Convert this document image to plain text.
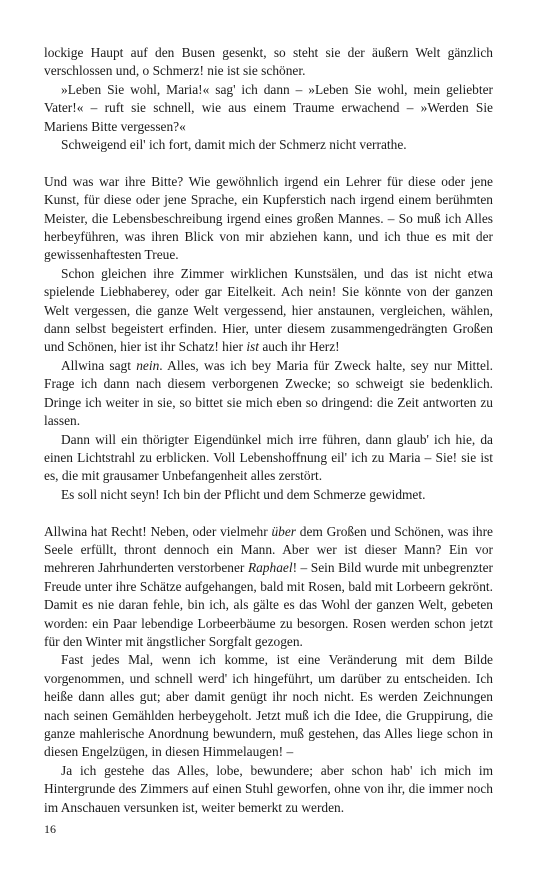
lockige Haupt auf den Busen gesenkt, so steht sie der äußern Welt gänzlich verschlossen und, o Schmerz! nie ist sie schöner.

»Leben Sie wohl, Maria!« sag' ich dann – »Leben Sie wohl, mein geliebter Vater!« – ruft sie schnell, wie aus einem Traume erwachend – »Werden Sie Mariens Bitte vergessen?«

Schweigend eil' ich fort, damit mich der Schmerz nicht verrathe.

Und was war ihre Bitte? Wie gewöhnlich irgend ein Lehrer für diese oder jene Kunst, für diese oder jene Sprache, ein Kupferstich nach irgend einem berühmten Meister, die Lebensbeschreibung irgend eines großen Mannes. – So muß ich Alles herbeyführen, was ihren Blick von mir abziehen kann, und ich thue es mit der gewissenhaftesten Treue.

Schon gleichen ihre Zimmer wirklichen Kunstsälen, und das ist nicht etwa spielende Liebhaberey, oder gar Eitelkeit. Ach nein! Sie könnte von der ganzen Welt vergessen, die ganze Welt vergessend, hier anstaunen, vergleichen, wählen, dann selbst begeistert erfinden. Hier, unter diesem zusammengedrängten Großen und Schönen, hier ist ihr Schatz! hier ist auch ihr Herz!

Allwina sagt nein. Alles, was ich bey Maria für Zweck halte, sey nur Mittel. Frage ich dann nach diesem verborgenen Zwecke; so schweigt sie bedenklich. Dringe ich weiter in sie, so bittet sie mich eben so dringend: die Zeit antworten zu lassen.

Dann will ein thörigter Eigendünkel mich irre führen, dann glaub' ich hie, da einen Lichtstrahl zu erblicken. Voll Lebenshoffnung eil' ich zu Maria – Sie! sie ist es, die mit grausamer Unbefangenheit alles zerstört.

Es soll nicht seyn! Ich bin der Pflicht und dem Schmerze gewidmet.

Allwina hat Recht! Neben, oder vielmehr über dem Großen und Schönen, was ihre Seele erfüllt, thront dennoch ein Mann. Aber wer ist dieser Mann? Ein vor mehreren Jahrhunderten verstorbener Raphael! – Sein Bild wurde mit unbegrenzter Freude unter ihre Schätze aufgehangen, bald mit Rosen, bald mit Lorbeern gekrönt. Damit es nie daran fehle, bin ich, als gälte es das Wohl der ganzen Welt, gebeten worden: ein Paar lebendige Lorbeerbäume zu besorgen. Rosen werden schon jetzt für den Winter mit ängstlicher Sorgfalt gezogen.

Fast jedes Mal, wenn ich komme, ist eine Veränderung mit dem Bilde vorgenommen, und schnell werd' ich hingeführt, um darüber zu entscheiden. Ich heiße dann alles gut; aber damit genügt ihr noch nicht. Es werden Zeichnungen nach seinen Gemählden herbeygeholt. Jetzt muß ich die Idee, die Gruppirung, die ganze mahlerische Anordnung bewundern, muß gestehen, das Alles liege schon in diesen Engelzügen, in diesen Himmelaugen! –

Ja ich gestehe das Alles, lobe, bewundere; aber schon hab' ich mich im Hintergrunde des Zimmers auf einen Stuhl geworfen, ohne von ihr, die immer noch im Anschauen versunken ist, weiter bemerkt zu werden.

16
